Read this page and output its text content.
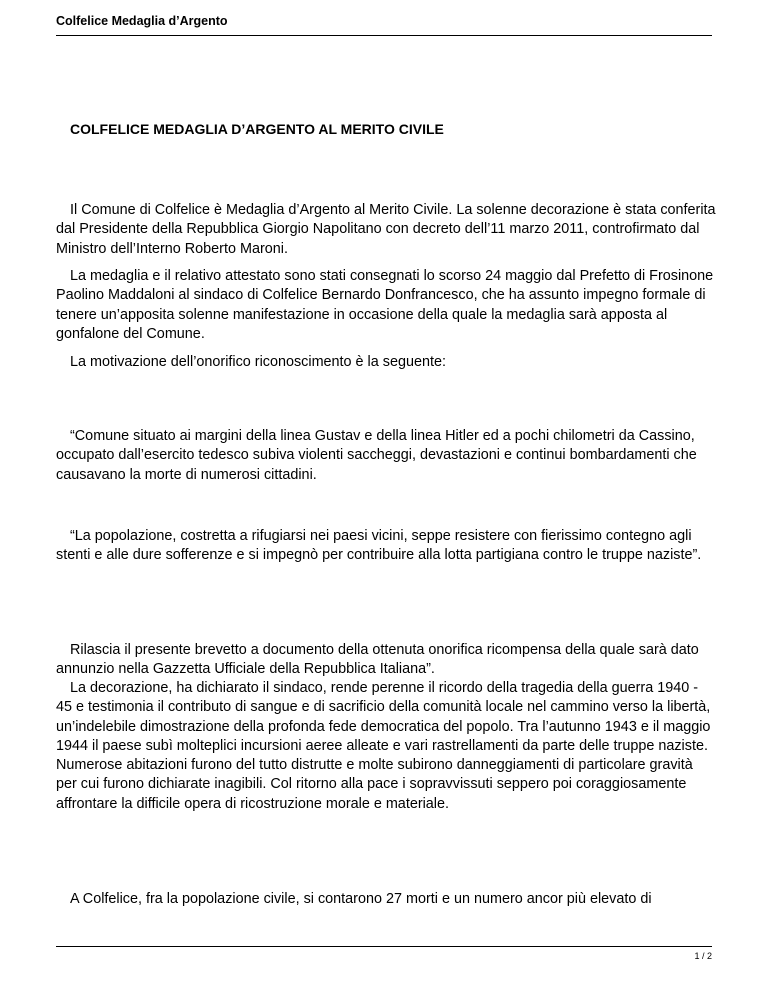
Colfelice Medaglia d’Argento
COLFELICE MEDAGLIA D’ARGENTO AL MERITO CIVILE

Il Comune di Colfelice è Medaglia d’Argento al Merito Civile. La solenne decorazione è stata conferita dal Presidente della Repubblica Giorgio Napolitano con decreto dell’11 marzo 2011, controfirmato dal Ministro dell’Interno Roberto Maroni.

La medaglia e il relativo attestato sono stati consegnati lo scorso 24 maggio dal Prefetto di Frosinone Paolino Maddaloni al sindaco di Colfelice Bernardo Donfrancesco, che ha assunto impegno formale di tenere un’apposita solenne manifestazione in occasione della quale la medaglia sarà apposta al gonfalone del Comune.

La motivazione dell’onorifico riconoscimento è la seguente:

“Comune situato ai margini della linea Gustav e della linea Hitler ed a pochi chilometri da Cassino, occupato dall’esercito tedesco subiva violenti saccheggi, devastazioni e continui bombardamenti che causavano la morte di numerosi cittadini.

“La popolazione, costretta a rifugiarsi nei paesi vicini, seppe resistere con fierissimo contegno agli stenti e alle dure sofferenze e si impegnò per contribuire alla lotta partigiana contro le truppe naziste”.

Rilascia il presente brevetto a documento della ottenuta onorifica ricompensa della quale sarà dato annunzio nella Gazzetta Ufficiale della Repubblica Italiana”.

La decorazione, ha dichiarato il sindaco, rende perenne il ricordo della tragedia della guerra 1940 - 45 e testimonia il contributo di sangue e di sacrificio della comunità locale nel cammino verso la libertà, un’indelebile dimostrazione della profonda fede democratica del popolo. Tra l’autunno 1943 e il maggio 1944 il paese subì molteplici incursioni aeree alleate e vari rastrellamenti da parte delle truppe naziste. Numerose abitazioni furono del tutto distrutte e molte subirono danneggiamenti di particolare gravità per cui furono dichiarate inagibili. Col ritorno alla pace i sopravvissuti seppero poi coraggiosamente affrontare la difficile opera di ricostruzione morale e materiale.

A Colfelice, fra la popolazione civile, si contarono 27 morti e un numero ancor più elevato di

1 / 2
